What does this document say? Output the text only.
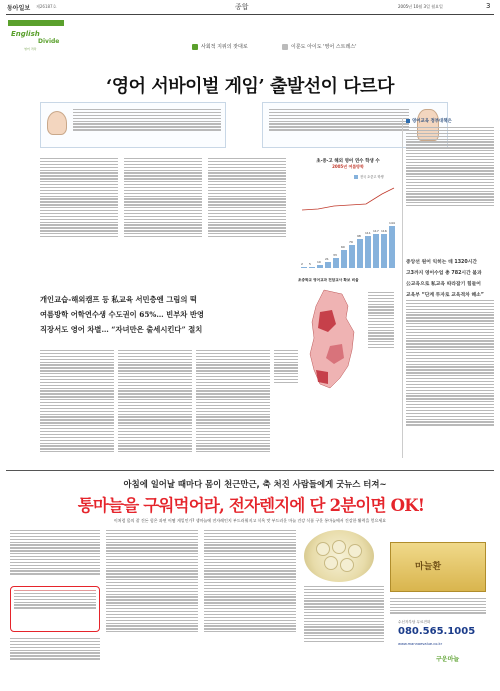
동아일보 제26187호	종합	2005년 10월 3일 월요일	3
English
Divide
영어 격차	사회적 지위의 잣대로	이룬도 아이도 '영어 스트레스'
‘영어 서바이벌 게임’ 출발선이 다르다
개인교습-해외캠프 등 私교육 서민층엔 그림의 떡
여름방학 어학연수생 수도권이 65%… 빈부차 반영
직장서도 영어 차별… “자녀만은 출세시킨다” 절치
초·중·고 해외 영어 연수 학생 수
2005년 여름방학
전국 초중고 학생
2 5 10
21
33
60
79
98
111 117 116
144
초중학교 영어교과 전담교사 확보 비율
영어교육 정부대책은
중앙선 원어 익히는 데 1320시간
고3까지 영어수업 총 782시간 불과
公교육으로 私교육 따라잡기 힘들어
교육부 “단계 투자로 교육격차 해소”
아침에 일어날 때마다 몸이 천근만근, 축 처진 사람들에게 굿뉴스 터져~
통마늘을 구워먹어라, 전자렌지에 단 2분이면 OK!
이처럼 몸의 잘 건든 힘은 과연 어떻 게일인가? 생마늘에 전자레인지 부드러워지고 식욕 맛 부드러운 마늘 건강 식품 구운 통마늘에서 건강한 활력을 얻으세요
마늘환
수신자부담 무료전화
080.565.1005
www.mannaevalue.co.kr
구운마늘
